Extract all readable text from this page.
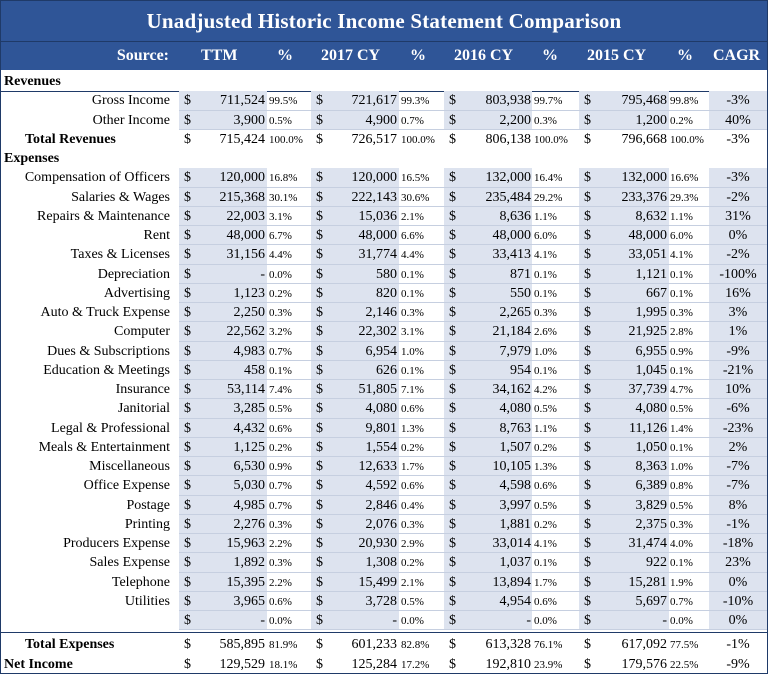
Unadjusted Historic Income Statement Comparison
Source: TTM % 2017 CY % 2016 CY % 2015 CY % CAGR
Revenues
Gross Income $ 711,524 99.5% $ 721,617 99.3% $ 803,938 99.7% $ 795,468 99.8%	-3%
Other Income $	3,900 0.5% $	4,900 0.7% $	2,200 0.3% $	1,200 0.2%	40%
Total Revenues	$ 715,424 100.0% $ 726,517 100.0% $ 806,138 100.0% $ 796,668 100.0%	-3%
Expenses
Compensation of Officers $ 120,000 16.8% $ 120,000 16.5% $ 132,000 16.4% $ 132,000 16.6%	-3%
Salaries & Wages $ 215,368 30.1% $ 222,143 30.6% $ 235,484 29.2% $ 233,376 29.3%	-2%
Repairs & Maintenance $	22,003 3.1% $	15,036 2.1% $	8,636 1.1% $	8,632 1.1%	31%
Rent $	48,000 6.7% $	48,000 6.6% $	48,000 6.0% $	48,000 6.0%	0%
Taxes & Licenses $	31,156 4.4% $	31,774 4.4% $	33,413 4.1% $	33,051 4.1%	-2%
Depreciation $	- 0.0% $	580 0.1% $	871 0.1% $	1,121 0.1% -100%
Advertising $	1,123 0.2% $	820 0.1% $	550 0.1% $	667 0.1%	16%
Auto & Truck Expense $	2,250 0.3% $	2,146 0.3% $	2,265 0.3% $	1,995 0.3%	3%
Computer $	22,562 3.2% $	22,302 3.1% $	21,184 2.6% $	21,925 2.8%	1%
Dues & Subscriptions $	4,983 0.7% $	6,954 1.0% $	7,979 1.0% $	6,955 0.9%	-9%
Education & Meetings $	458 0.1% $	626 0.1% $	954 0.1% $	1,045 0.1%	-21%
Insurance $	53,114 7.4% $	51,805 7.1% $	34,162 4.2% $	37,739 4.7%	10%
Janitorial $	3,285 0.5% $	4,080 0.6% $	4,080 0.5% $	4,080 0.5%	-6%
Legal & Professional $	4,432 0.6% $	9,801 1.3% $	8,763 1.1% $	11,126 1.4%	-23%
Meals & Entertainment $	1,125 0.2% $	1,554 0.2% $	1,507 0.2% $	1,050 0.1%	2%
Miscellaneous $	6,530 0.9% $	12,633 1.7% $	10,105 1.3% $	8,363 1.0%	-7%
Office Expense $	5,030 0.7% $	4,592 0.6% $	4,598 0.6% $	6,389 0.8%	-7%
Postage $	4,985 0.7% $	2,846 0.4% $	3,997 0.5% $	3,829 0.5%	8%
Printing $	2,276 0.3% $	2,076 0.3% $	1,881 0.2% $	2,375 0.3%	-1%
Producers Expense $	15,963 2.2% $	20,930 2.9% $	33,014 4.1% $	31,474 4.0%	-18%
Sales Expense $	1,892 0.3% $	1,308 0.2% $	1,037 0.1% $	922 0.1%	23%
Telephone $	15,395 2.2% $	15,499 2.1% $	13,894 1.7% $	15,281 1.9%	0%
Utilities $	3,965 0.6% $	3,728 0.5% $	4,954 0.6% $	5,697 0.7%	-10%
$	- 0.0% $	- 0.0% $	- 0.0% $	- 0.0%	0%
Total Expenses	$ 585,895 81.9% $ 601,233 82.8% $ 613,328 76.1% $ 617,092 77.5%	-1%
Net Income	$ 129,529 18.1% $ 125,284 17.2% $ 192,810 23.9% $ 179,576 22.5%	-9%
